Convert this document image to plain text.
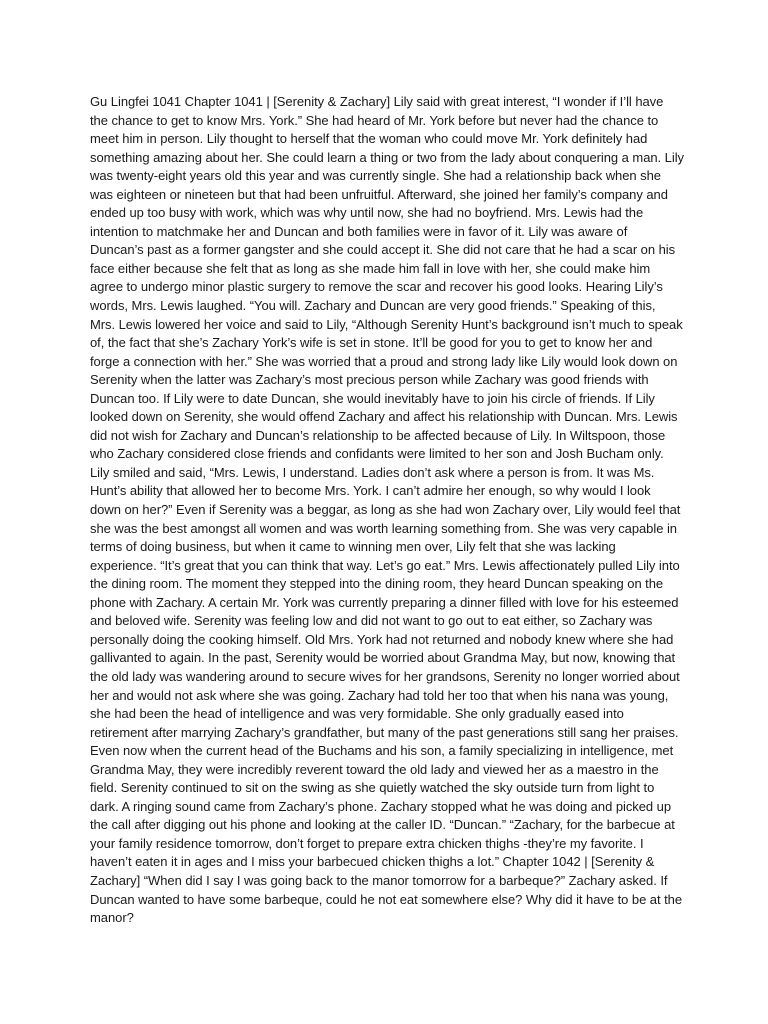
Gu Lingfei 1041 Chapter 1041 | [Serenity & Zachary] Lily said with great interest, “I wonder if I’ll have the chance to get to know Mrs. York.” She had heard of Mr. York before but never had the chance to meet him in person. Lily thought to herself that the woman who could move Mr. York definitely had something amazing about her. She could learn a thing or two from the lady about conquering a man. Lily was twenty-eight years old this year and was currently single. She had a relationship back when she was eighteen or nineteen but that had been unfruitful. Afterward, she joined her family’s company and ended up too busy with work, which was why until now, she had no boyfriend. Mrs. Lewis had the intention to matchmake her and Duncan and both families were in favor of it. Lily was aware of Duncan’s past as a former gangster and she could accept it. She did not care that he had a scar on his face either because she felt that as long as she made him fall in love with her, she could make him agree to undergo minor plastic surgery to remove the scar and recover his good looks. Hearing Lily’s words, Mrs. Lewis laughed. “You will. Zachary and Duncan are very good friends.” Speaking of this, Mrs. Lewis lowered her voice and said to Lily, “Although Serenity Hunt’s background isn’t much to speak of, the fact that she’s Zachary York’s wife is set in stone. It’ll be good for you to get to know her and forge a connection with her.” She was worried that a proud and strong lady like Lily would look down on Serenity when the latter was Zachary’s most precious person while Zachary was good friends with Duncan too. If Lily were to date Duncan, she would inevitably have to join his circle of friends. If Lily looked down on Serenity, she would offend Zachary and affect his relationship with Duncan. Mrs. Lewis did not wish for Zachary and Duncan’s relationship to be affected because of Lily. In Wiltspoon, those who Zachary considered close friends and confidants were limited to her son and Josh Bucham only. Lily smiled and said, “Mrs. Lewis, I understand. Ladies don’t ask where a person is from. It was Ms. Hunt’s ability that allowed her to become Mrs. York. I can’t admire her enough, so why would I look down on her?” Even if Serenity was a beggar, as long as she had won Zachary over, Lily would feel that she was the best amongst all women and was worth learning something from. She was very capable in terms of doing business, but when it came to winning men over, Lily felt that she was lacking experience. “It’s great that you can think that way. Let’s go eat.” Mrs. Lewis affectionately pulled Lily into the dining room. The moment they stepped into the dining room, they heard Duncan speaking on the phone with Zachary. A certain Mr. York was currently preparing a dinner filled with love for his esteemed and beloved wife. Serenity was feeling low and did not want to go out to eat either, so Zachary was personally doing the cooking himself. Old Mrs. York had not returned and nobody knew where she had gallivanted to again. In the past, Serenity would be worried about Grandma May, but now, knowing that the old lady was wandering around to secure wives for her grandsons, Serenity no longer worried about her and would not ask where she was going. Zachary had told her too that when his nana was young, she had been the head of intelligence and was very formidable. She only gradually eased into retirement after marrying Zachary’s grandfather, but many of the past generations still sang her praises. Even now when the current head of the Buchams and his son, a family specializing in intelligence, met Grandma May, they were incredibly reverent toward the old lady and viewed her as a maestro in the field. Serenity continued to sit on the swing as she quietly watched the sky outside turn from light to dark. A ringing sound came from Zachary’s phone. Zachary stopped what he was doing and picked up the call after digging out his phone and looking at the caller ID. “Duncan.” “Zachary, for the barbecue at your family residence tomorrow, don’t forget to prepare extra chicken thighs -they’re my favorite. I haven’t eaten it in ages and I miss your barbecued chicken thighs a lot.” Chapter 1042 | [Serenity & Zachary] “When did I say I was going back to the manor tomorrow for a barbeque?” Zachary asked. If Duncan wanted to have some barbeque, could he not eat somewhere else? Why did it have to be at the manor?
